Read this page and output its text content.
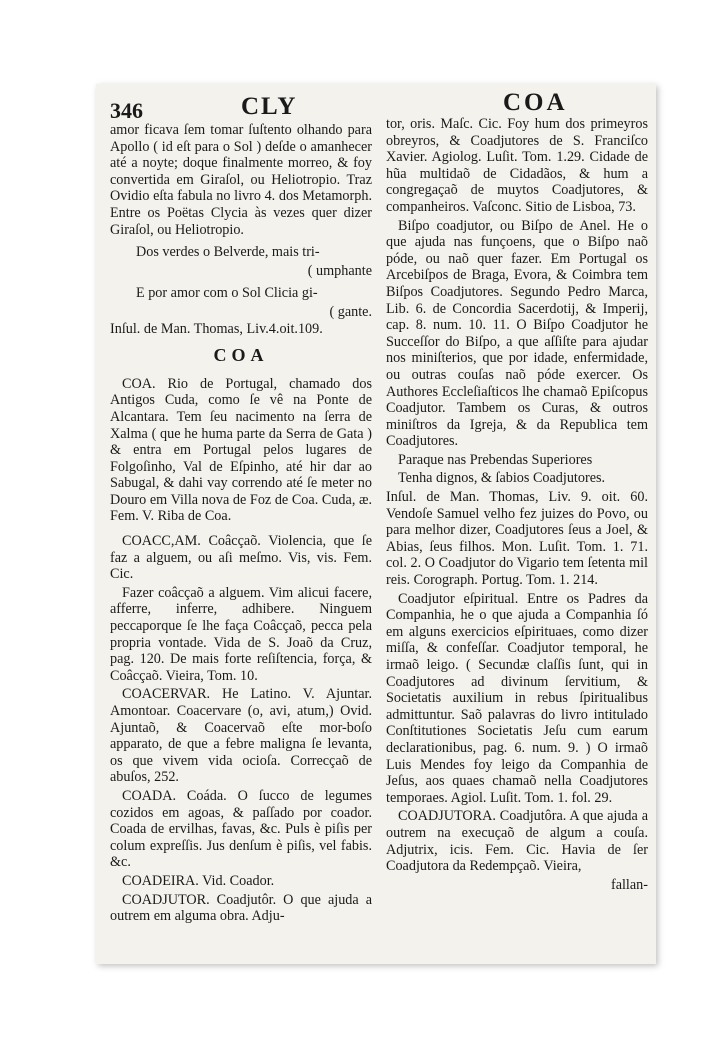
346	CLY	COA

amor ficava ſem tomar ſuſtento olhando para Apollo ( id eſt para o Sol ) deſde o amanhecer até a noyte; doque finalmente morreo, & foy convertida em Giraſol, ou Heliotropio. Traz Ovidio eſta fabula no livro 4. dos Metamorph. Entre os Poëtas Clycia às vezes quer dizer Giraſol, ou Heliotropio.

Dos verdes o Belverde, mais tri-

( umphante

E por amor com o Sol Clicia gi-

( gante.

Inſul. de Man. Thomas, Liv.4.oit.109.

COA

COA. Rio de Portugal, chamado dos Antigos Cuda, como ſe vê na Ponte de Alcantara. Tem ſeu nacimento na ſerra de Xalma ( que he huma parte da Serra de Gata ) & entra em Portugal pelos lugares de Folgoſinho, Val de Eſpinho, até hir dar ao Sabugal, & dahi vay correndo até ſe meter no Douro em Villa nova de Foz de Coa. Cuda, æ. Fem. V. Riba de Coa.

COACC,AM. Coâcçaõ. Violencia, que ſe faz a alguem, ou aſi meſmo. Vis, vis. Fem. Cic.

Fazer coâcçaõ a alguem. Vim alicui facere, afferre, inferre, adhibere. Ninguem peccaporque ſe lhe faça Coâcçaõ, pecca pela propria vontade. Vida de S. Joaõ da Cruz, pag. 120. De mais forte reſiſtencia, força, & Coâcçaõ. Vieira, Tom. 10.

COACERVAR. He Latino. V. Ajuntar. Amontoar. Coacervare (o, avi, atum,) Ovid. Ajuntaõ, & Coacervaõ eſte mor-boſo apparato, de que a febre maligna ſe levanta, os que vivem vida ocioſa. Correcçaõ de abuſos, 252.

COADA. Coáda. O ſucco de legumes cozidos em agoas, & paſſado por coador. Coada de ervilhas, favas, &c. Puls è piſis per colum expreſſis. Jus denſum è piſis, vel fabis. &c.

COADEIRA. Vid. Coador.

COADJUTOR. Coadjutôr. O que ajuda a outrem em alguma obra. Adju-

tor, oris. Maſc. Cic. Foy hum dos primeyros obreyros, & Coadjutores de S. Franciſco Xavier. Agiolog. Luſit. Tom. 1.29. Cidade de hũa multidaõ de Cidadãos, & hum a congregaçaõ de muytos Coadjutores, & companheiros. Vaſconc. Sitio de Lisboa, 73.

Biſpo coadjutor, ou Biſpo de Anel. He o que ajuda nas funçoens, que o Biſpo naõ póde, ou naõ quer fazer. Em Portugal os Arcebiſpos de Braga, Evora, & Coimbra tem Biſpos Coadjutores. Segundo Pedro Marca, Lib. 6. de Concordia Sacerdotij, & Imperij, cap. 8. num. 10. 11. O Biſpo Coadjutor he Succeſſor do Biſpo, a que aſſiſte para ajudar nos miniſterios, que por idade, enfermidade, ou outras couſas naõ póde exercer. Os Authores Eccleſiaſticos lhe chamaõ Epiſcopus Coadjutor. Tambem os Curas, & outros miniſtros da Igreja, & da Republica tem Coadjutores.

Paraque nas Prebendas Superiores

Tenha dignos, & ſabios Coadjutores.

Inſul. de Man. Thomas, Liv. 9. oit. 60. Vendoſe Samuel velho fez juizes do Povo, ou para melhor dizer, Coadjutores ſeus a Joel, & Abias, ſeus filhos. Mon. Luſit. Tom. 1. 71. col. 2. O Coadjutor do Vigario tem ſetenta mil reis. Corograph. Portug. Tom. 1. 214.

Coadjutor eſpiritual. Entre os Padres da Companhia, he o que ajuda a Companhia ſó em alguns exercicios eſpirituaes, como dizer miſſa, & confeſſar. Coadjutor temporal, he irmaõ leigo. ( Secundæ claſſis ſunt, qui in Coadjutores ad divinum ſervitium, & Societatis auxilium in rebus ſpiritualibus admittuntur. Saõ palavras do livro intitulado Conſtitutiones Societatis Jeſu cum earum declarationibus, pag. 6. num. 9. ) O irmaõ Luis Mendes foy leigo da Companhia de Jeſus, aos quaes chamaõ nella Coadjutores temporaes. Agiol. Luſit. Tom. 1. fol. 29.

COADJUTORA. Coadjutôra. A que ajuda a outrem na execuçaõ de algum a couſa. Adjutrix, icis. Fem. Cic. Havia de ſer Coadjutora da Redempçaõ. Vieira,

fallan-
